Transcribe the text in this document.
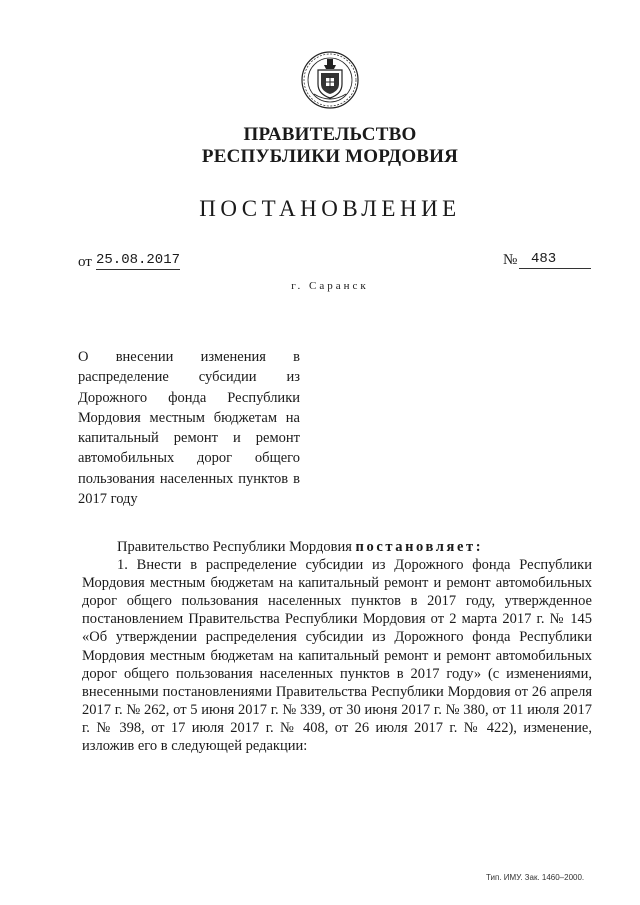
ПРАВИТЕЛЬСТВО
РЕСПУБЛИКИ МОРДОВИЯ
ПОСТАНОВЛЕНИЕ
от 25.08.2017	№ 483
г. Саранск
О внесении изменения в распределение субсидии из Дорожного фонда Республики Мордовия местным бюджетам на капитальный ремонт и ремонт автомобильных дорог общего пользования населенных пунктов в 2017 году

Правительство Республики Мордовия постановляет:

1. Внести в распределение субсидии из Дорожного фонда Республики Мордовия местным бюджетам на капитальный ремонт и ремонт автомобильных дорог общего пользования населенных пунктов в 2017 году, утвержденное постановлением Правительства Республики Мордовия от 2 марта 2017 г. № 145 «Об утверждении распределения субсидии из Дорожного фонда Республики Мордовия местным бюджетам на капитальный ремонт и ремонт автомобильных дорог общего пользования населенных пунктов в 2017 году» (с изменениями, внесенными постановлениями Правительства Республики Мордовия от 26 апреля 2017 г. № 262, от 5 июня 2017 г. № 339, от 30 июня 2017 г. № 380, от 11 июля 2017 г. № 398, от 17 июля 2017 г. № 408, от 26 июля 2017 г. № 422), изменение, изложив его в следующей редакции:

Тип. ИМУ. Зак. 1460–2000.
